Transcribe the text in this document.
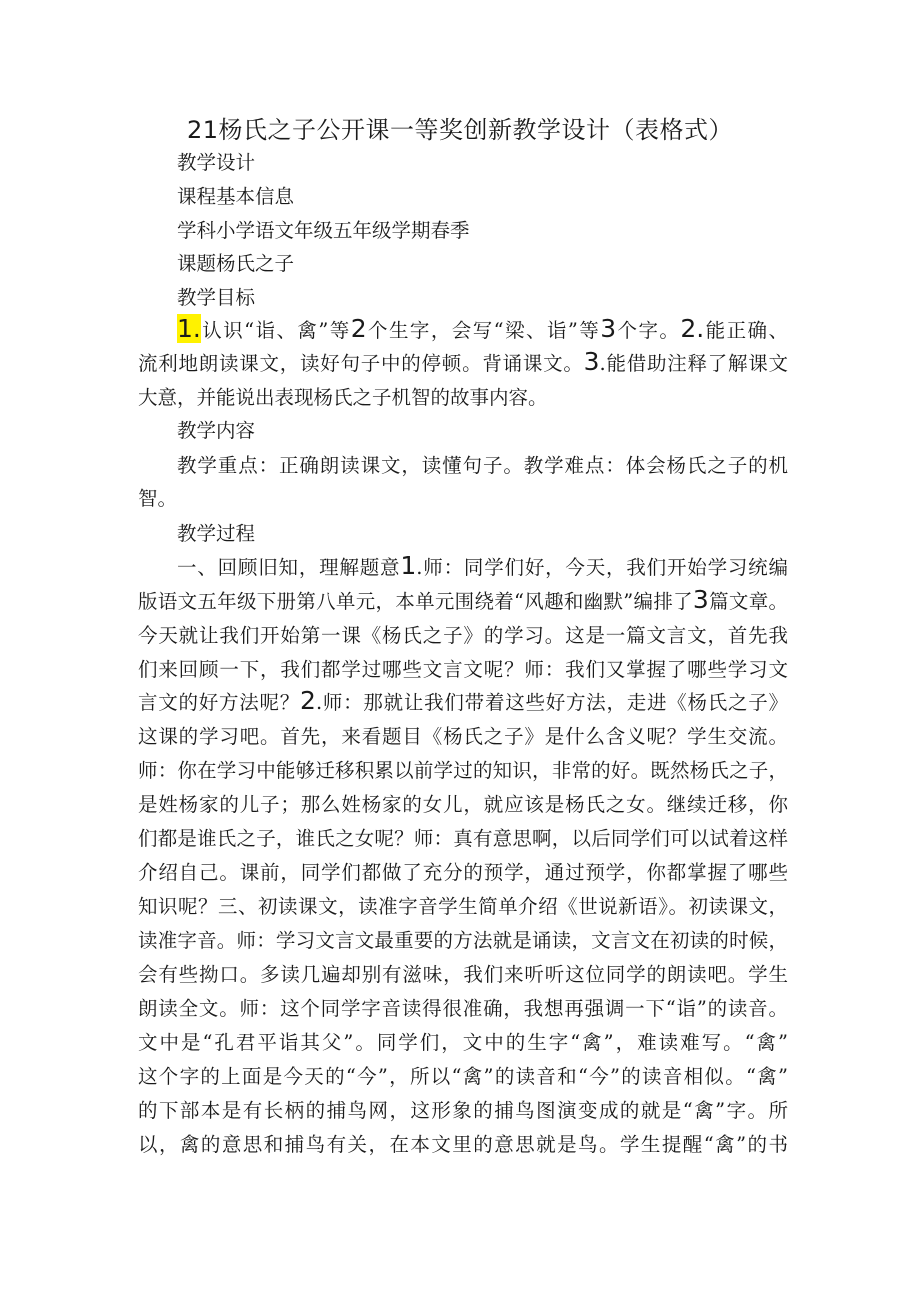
21杨氏之子公开课一等奖创新教学设计（表格式）
教学设计
课程基本信息
学科小学语文年级五年级学期春季
课题杨氏之子
教学目标
1.认识“诣、禽”等2个生字，会写“梁、诣”等3个字。2.能正确、
流利地朗读课文，读好句子中的停顿。背诵课文。3.能借助注释了解课文
大意，并能说出表现杨氏之子机智的故事内容。
教学内容
教学重点：正确朗读课文，读懂句子。教学难点：体会杨氏之子的机
智。
教学过程
一、回顾旧知，理解题意1.师：同学们好，今天，我们开始学习统编
版语文五年级下册第八单元，本单元围绕着“风趣和幽默”编排了3篇文章。
今天就让我们开始第一课《杨氏之子》的学习。这是一篇文言文，首先我
们来回顾一下，我们都学过哪些文言文呢？师：我们又掌握了哪些学习文
言文的好方法呢？2.师：那就让我们带着这些好方法，走进《杨氏之子》
这课的学习吧。首先，来看题目《杨氏之子》是什么含义呢？学生交流。
师：你在学习中能够迁移积累以前学过的知识，非常的好。既然杨氏之子，
是姓杨家的儿子；那么姓杨家的女儿，就应该是杨氏之女。继续迁移，你
们都是谁氏之子，谁氏之女呢？师：真有意思啊，以后同学们可以试着这样
介绍自己。课前，同学们都做了充分的预学，通过预学，你都掌握了哪些
知识呢？三、初读课文，读准字音学生简单介绍《世说新语》。初读课文，
读准字音。师：学习文言文最重要的方法就是诵读，文言文在初读的时候，
会有些拗口。多读几遍却别有滋味，我们来听听这位同学的朗读吧。学生
朗读全文。师：这个同学字音读得很准确，我想再强调一下“诣”的读音。
文中是“孔君平诣其父”。同学们，文中的生字“禽”，难读难写。“禽”
这个字的上面是今天的“今”，所以“禽”的读音和“今”的读音相似。“禽”
的下部本是有长柄的捕鸟网，这形象的捕鸟图演变成的就是“禽”字。所
以，禽的意思和捕鸟有关，在本文里的意思就是鸟。学生提醒“禽”的书
